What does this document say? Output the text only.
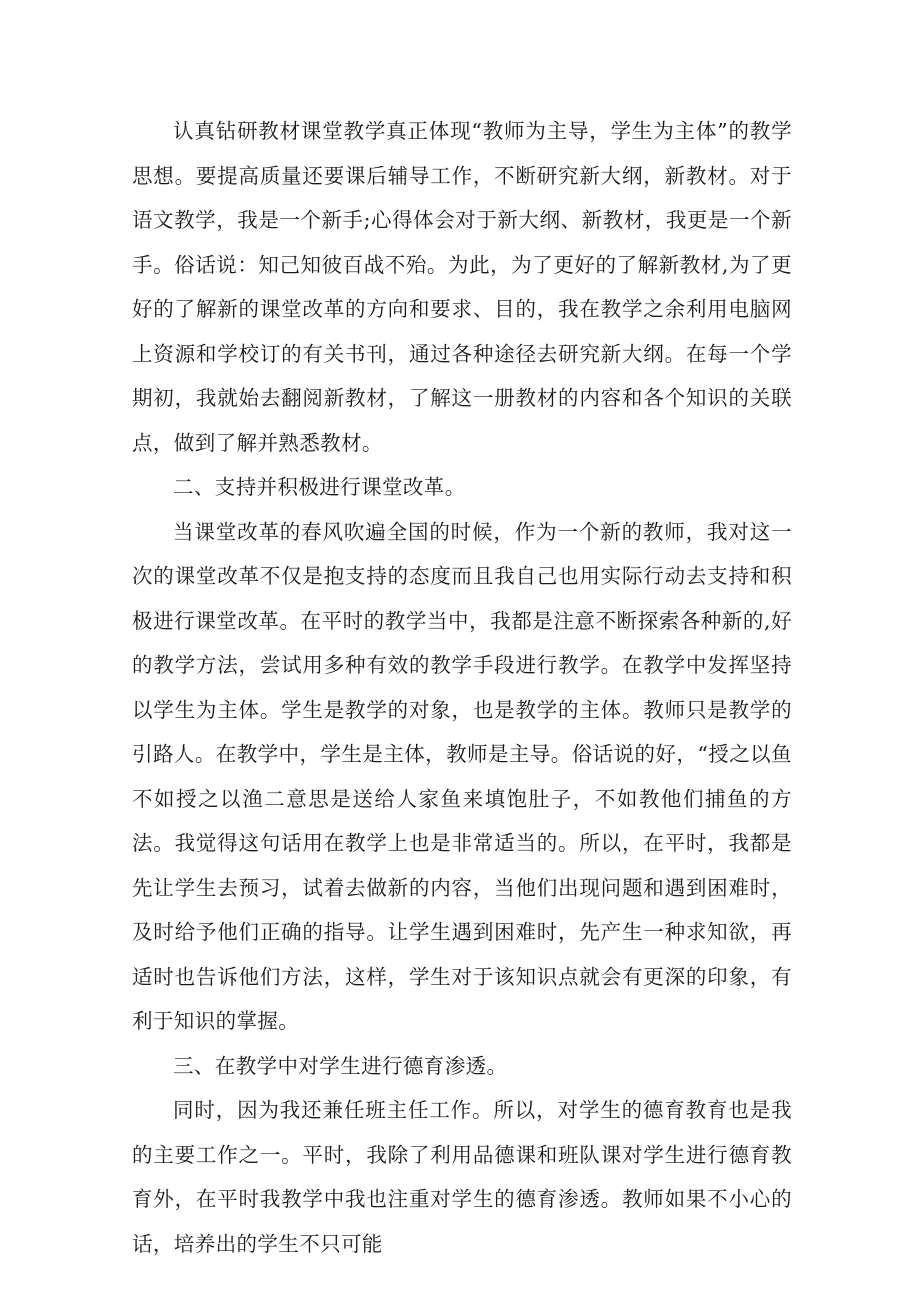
认真钻研教材课堂教学真正体现“教师为主导，学生为主体”的教学思想。要提高质量还要课后辅导工作，不断研究新大纲，新教材。对于语文教学，我是一个新手;心得体会对于新大纲、新教材，我更是一个新手。俗话说：知己知彼百战不殆。为此，为了更好的了解新教材,为了更好的了解新的课堂改革的方向和要求、目的，我在教学之余利用电脑网上资源和学校订的有关书刊，通过各种途径去研究新大纲。在每一个学期初，我就始去翻阅新教材，了解这一册教材的内容和各个知识的关联点，做到了解并熟悉教材。

二、支持并积极进行课堂改革。

当课堂改革的春风吹遍全国的时候，作为一个新的教师，我对这一次的课堂改革不仅是抱支持的态度而且我自己也用实际行动去支持和积极进行课堂改革。在平时的教学当中，我都是注意不断探索各种新的,好的教学方法，尝试用多种有效的教学手段进行教学。在教学中发挥坚持以学生为主体。学生是教学的对象，也是教学的主体。教师只是教学的引路人。在教学中，学生是主体，教师是主导。俗话说的好，“授之以鱼不如授之以渔二意思是送给人家鱼来填饱肚子，不如教他们捕鱼的方法。我觉得这句话用在教学上也是非常适当的。所以，在平时，我都是先让学生去预习，试着去做新的内容，当他们出现问题和遇到困难时，及时给予他们正确的指导。让学生遇到困难时，先产生一种求知欲，再适时也告诉他们方法，这样，学生对于该知识点就会有更深的印象，有利于知识的掌握。

三、在教学中对学生进行德育渗透。

同时，因为我还兼任班主任工作。所以，对学生的德育教育也是我的主要工作之一。平时，我除了利用品德课和班队课对学生进行德育教育外，在平时我教学中我也注重对学生的德育渗透。教师如果不小心的话，培养出的学生不只可能
